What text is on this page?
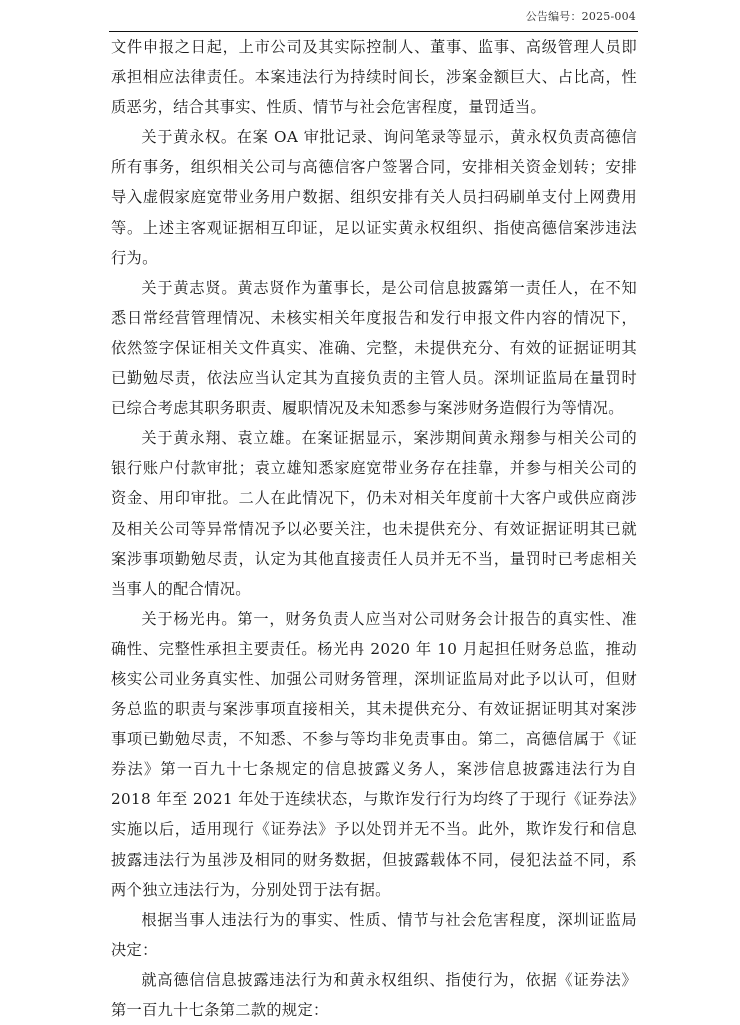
公告编号：2025-004

文件申报之日起，上市公司及其实际控制人、董事、监事、高级管理人员即承担相应法律责任。本案违法行为持续时间长，涉案金额巨大、占比高，性质恶劣，结合其事实、性质、情节与社会危害程度，量罚适当。

关于黄永权。在案 OA 审批记录、询问笔录等显示，黄永权负责高德信所有事务，组织相关公司与高德信客户签署合同，安排相关资金划转；安排导入虚假家庭宽带业务用户数据、组织安排有关人员扫码刷单支付上网费用等。上述主客观证据相互印证，足以证实黄永权组织、指使高德信案涉违法行为。

关于黄志贤。黄志贤作为董事长，是公司信息披露第一责任人，在不知悉日常经营管理情况、未核实相关年度报告和发行申报文件内容的情况下，依然签字保证相关文件真实、准确、完整，未提供充分、有效的证据证明其已勤勉尽责，依法应当认定其为直接负责的主管人员。深圳证监局在量罚时已综合考虑其职务职责、履职情况及未知悉参与案涉财务造假行为等情况。

关于黄永翔、袁立雄。在案证据显示，案涉期间黄永翔参与相关公司的银行账户付款审批；袁立雄知悉家庭宽带业务存在挂靠，并参与相关公司的资金、用印审批。二人在此情况下，仍未对相关年度前十大客户或供应商涉及相关公司等异常情况予以必要关注，也未提供充分、有效证据证明其已就案涉事项勤勉尽责，认定为其他直接责任人员并无不当，量罚时已考虑相关当事人的配合情况。

关于杨光冉。第一，财务负责人应当对公司财务会计报告的真实性、准确性、完整性承担主要责任。杨光冉 2020 年 10 月起担任财务总监，推动核实公司业务真实性、加强公司财务管理，深圳证监局对此予以认可，但财务总监的职责与案涉事项直接相关，其未提供充分、有效证据证明其对案涉事项已勤勉尽责，不知悉、不参与等均非免责事由。第二，高德信属于《证券法》第一百九十七条规定的信息披露义务人，案涉信息披露违法行为自 2018 年至 2021 年处于连续状态，与欺诈发行行为均终了于现行《证券法》实施以后，适用现行《证券法》予以处罚并无不当。此外，欺诈发行和信息披露违法行为虽涉及相同的财务数据，但披露载体不同，侵犯法益不同，系两个独立违法行为，分别处罚于法有据。

根据当事人违法行为的事实、性质、情节与社会危害程度，深圳证监局决定：

就高德信信息披露违法行为和黄永权组织、指使行为，依据《证券法》第一百九十七条第二款的规定：
